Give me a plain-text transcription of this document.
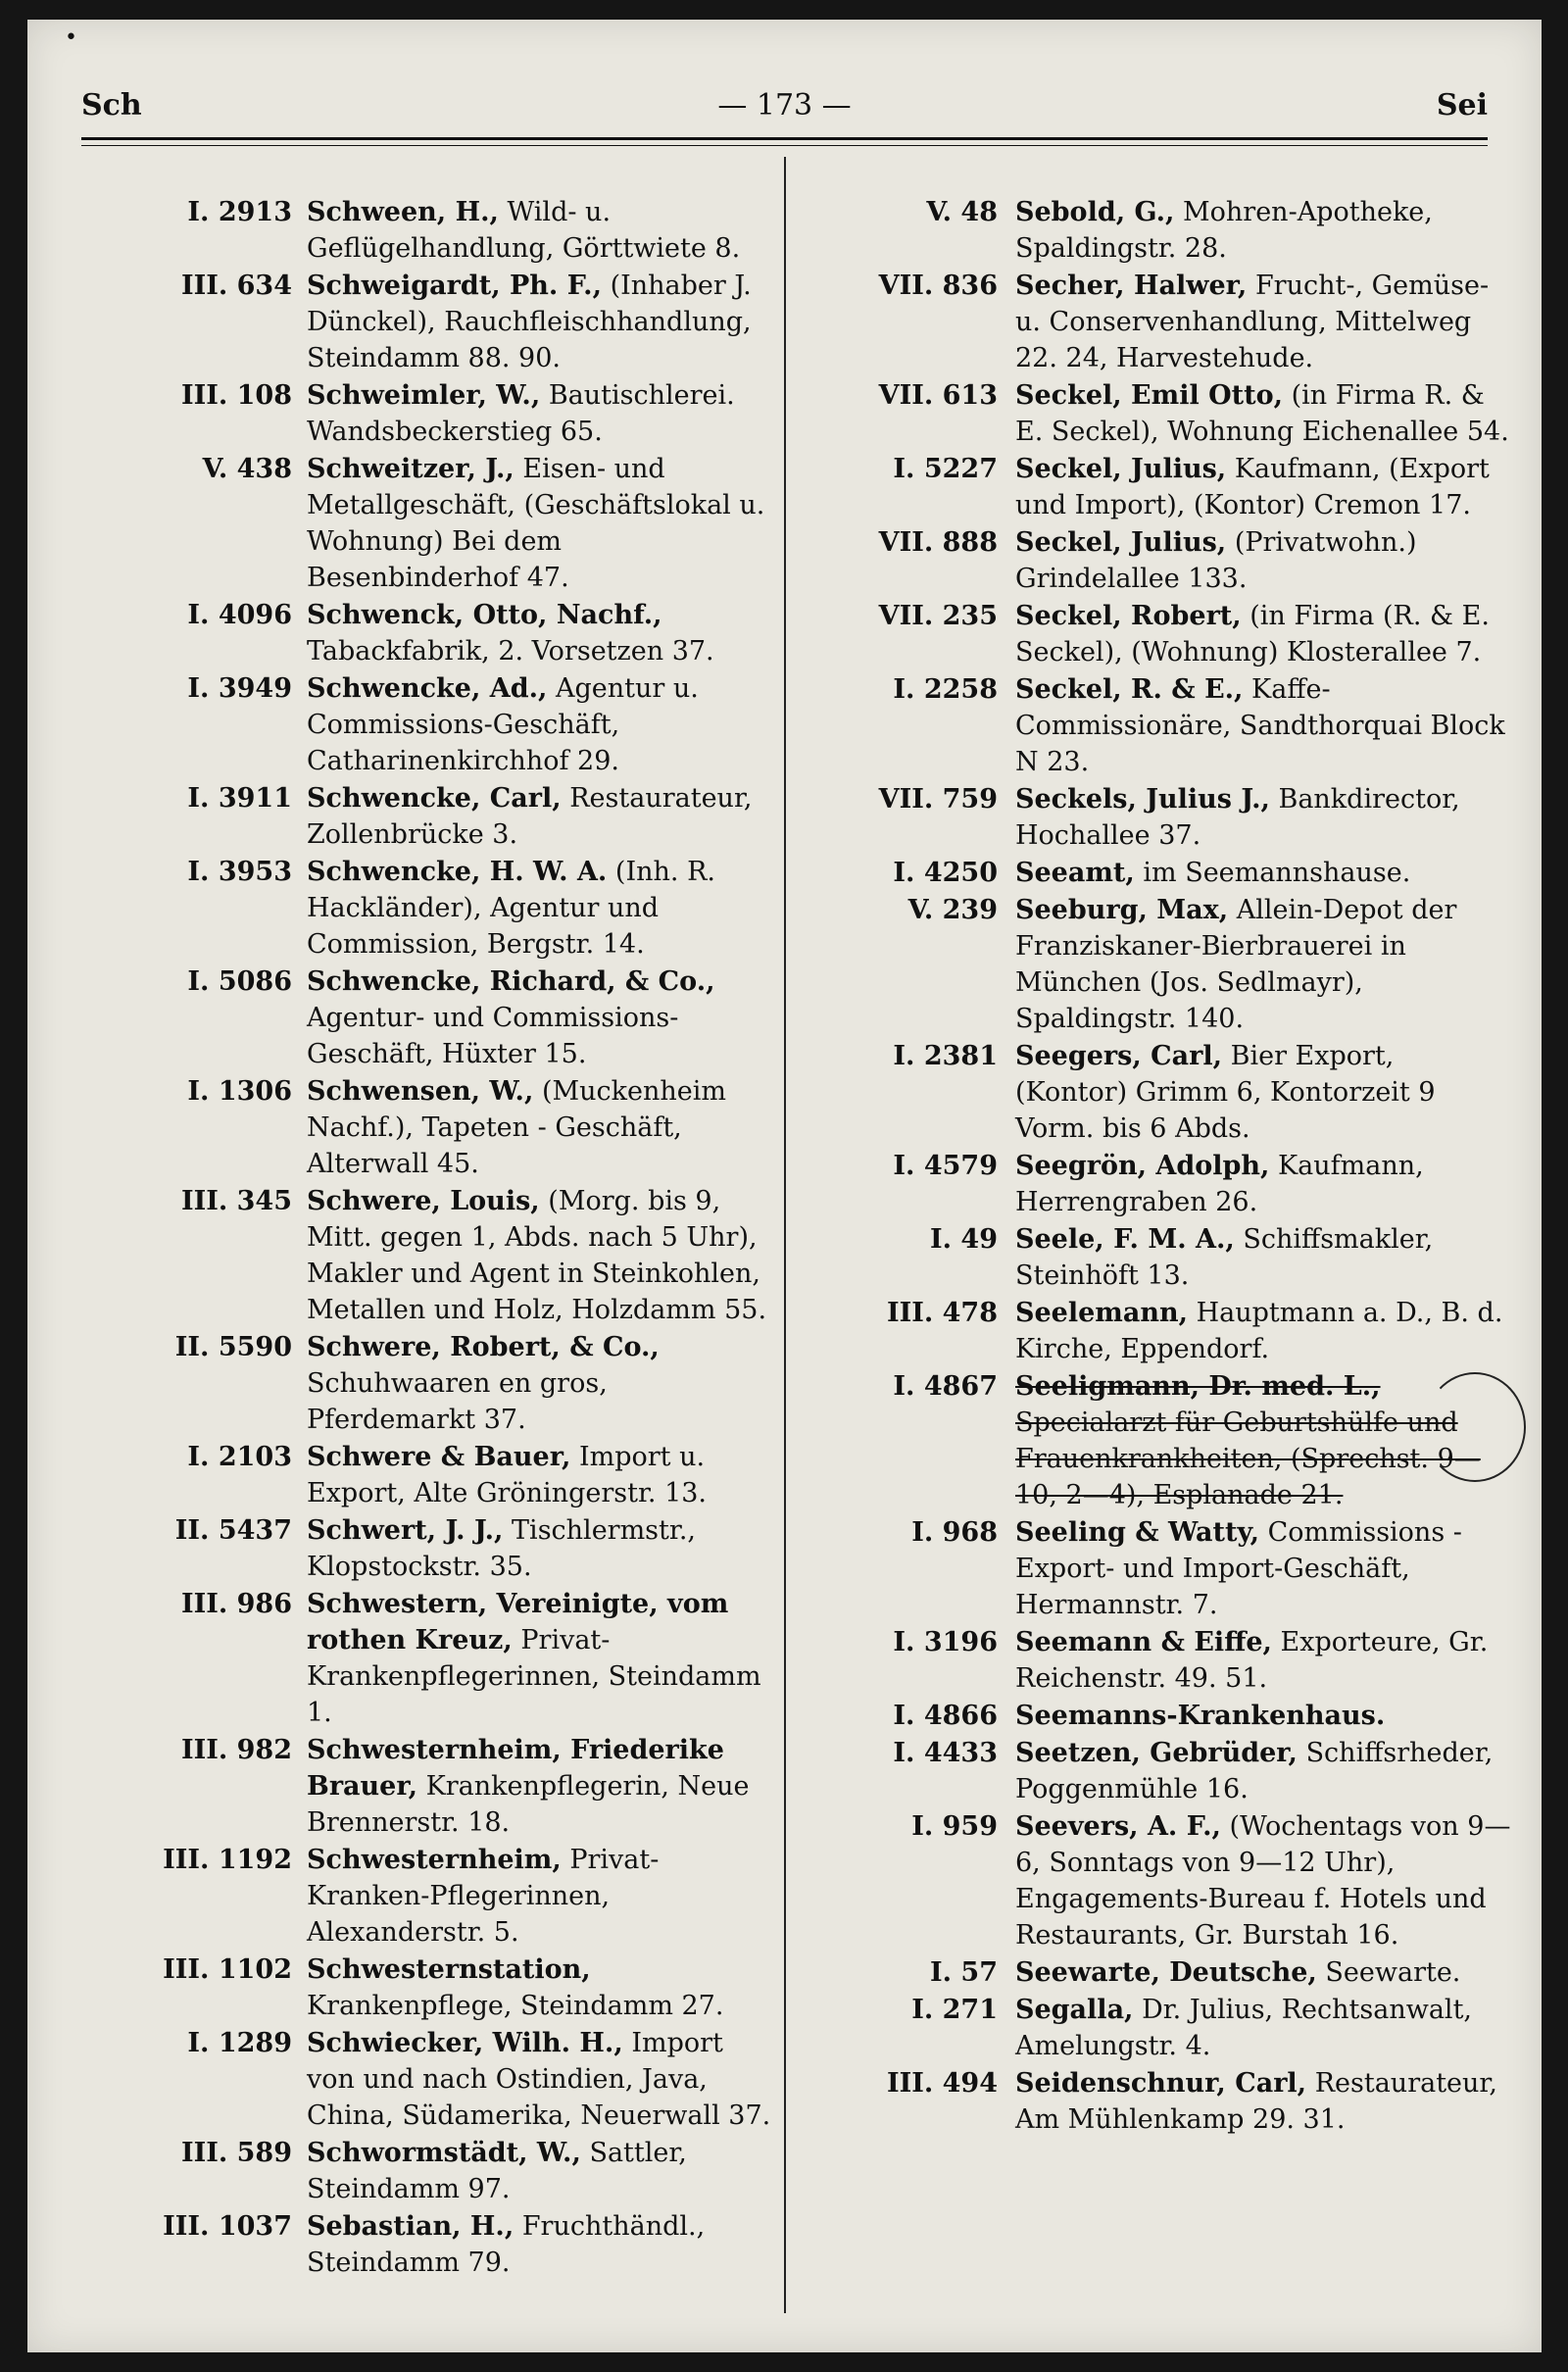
•
Sch	— 173 —	Sei
I. 2913 Schween, H., Wild- u. Geflügelhandlung, Görttwiete 8.
III. 634 Schweigardt, Ph. F., (Inhaber J. Dünckel), Rauchfleischhandlung, Steindamm 88. 90.
III. 108 Schweimler, W., Bautischlerei. Wandsbeckerstieg 65.
V. 438 Schweitzer, J., Eisen- und Metallgeschäft, (Geschäftslokal u. Wohnung) Bei dem Besenbinderhof 47.
I. 4096 Schwenck, Otto, Nachf., Tabackfabrik, 2. Vorsetzen 37.
I. 3949 Schwencke, Ad., Agentur u. Commissions-Geschäft, Catharinenkirchhof 29.
I. 3911 Schwencke, Carl, Restaurateur, Zollenbrücke 3.
I. 3953 Schwencke, H. W. A. (Inh. R. Hackländer), Agentur und Commission, Bergstr. 14.
I. 5086 Schwencke, Richard, & Co., Agentur- und Commissions-Geschäft, Hüxter 15.
I. 1306 Schwensen, W., (Muckenheim Nachf.), Tapeten - Geschäft, Alterwall 45.
III. 345 Schwere, Louis, (Morg. bis 9, Mitt. gegen 1, Abds. nach 5 Uhr), Makler und Agent in Steinkohlen, Metallen und Holz, Holzdamm 55.
II. 5590 Schwere, Robert, & Co., Schuhwaaren en gros, Pferdemarkt 37.
I. 2103 Schwere & Bauer, Import u. Export, Alte Gröningerstr. 13.
II. 5437 Schwert, J. J., Tischlermstr., Klopstockstr. 35.
III. 986 Schwestern, Vereinigte, vom rothen Kreuz, Privat-Krankenpflegerinnen, Steindamm 1.
III. 982 Schwesternheim, Friederike Brauer, Krankenpflegerin, Neue Brennerstr. 18.
III. 1192 Schwesternheim, Privat-Kranken-Pflegerinnen, Alexanderstr. 5.
III. 1102 Schwesternstation, Krankenpflege, Steindamm 27.
I. 1289 Schwiecker, Wilh. H., Import von und nach Ostindien, Java, China, Südamerika, Neuerwall 37.
III. 589 Schwormstädt, W., Sattler, Steindamm 97.
III. 1037 Sebastian, H., Fruchthändl., Steindamm 79.
V. 48 Sebold, G., Mohren-Apotheke, Spaldingstr. 28.
VII. 836 Secher, Halwer, Frucht-, Gemüse- u. Conservenhandlung, Mittelweg 22. 24, Harvestehude.
VII. 613 Seckel, Emil Otto, (in Firma R. & E. Seckel), Wohnung Eichenallee 54.
I. 5227 Seckel, Julius, Kaufmann, (Export und Import), (Kontor) Cremon 17.
VII. 888 Seckel, Julius, (Privatwohn.) Grindelallee 133.
VII. 235 Seckel, Robert, (in Firma (R. & E. Seckel), (Wohnung) Klosterallee 7.
I. 2258 Seckel, R. & E., Kaffe-Commissionäre, Sandthorquai Block N 23.
VII. 759 Seckels, Julius J., Bankdirector, Hochallee 37.
I. 4250 Seeamt, im Seemannshause.
V. 239 Seeburg, Max, Allein-Depot der Franziskaner-Bierbrauerei in München (Jos. Sedlmayr), Spaldingstr. 140.
I. 2381 Seegers, Carl, Bier Export, (Kontor) Grimm 6, Kontorzeit 9 Vorm. bis 6 Abds.
I. 4579 Seegrön, Adolph, Kaufmann, Herrengraben 26.
I. 49 Seele, F. M. A., Schiffsmakler, Steinhöft 13.
III. 478 Seelemann, Hauptmann a. D., B. d. Kirche, Eppendorf.
I. 4867 Seeligmann, Dr. med. L., Specialarzt für Geburtshülfe und Frauenkrankheiten, (Sprechst. 9—10, 2—4), Esplanade 21.
I. 968 Seeling & Watty, Commissions - Export- und Import-Geschäft, Hermannstr. 7.
I. 3196 Seemann & Eiffe, Exporteure, Gr. Reichenstr. 49. 51.
I. 4866 Seemanns-Krankenhaus.
I. 4433 Seetzen, Gebrüder, Schiffsrheder, Poggenmühle 16.
I. 959 Seevers, A. F., (Wochentags von 9—6, Sonntags von 9—12 Uhr), Engagements-Bureau f. Hotels und Restaurants, Gr. Burstah 16.
I. 57 Seewarte, Deutsche, Seewarte.
I. 271 Segalla, Dr. Julius, Rechtsanwalt, Amelungstr. 4.
III. 494 Seidenschnur, Carl, Restaurateur, Am Mühlenkamp 29. 31.
